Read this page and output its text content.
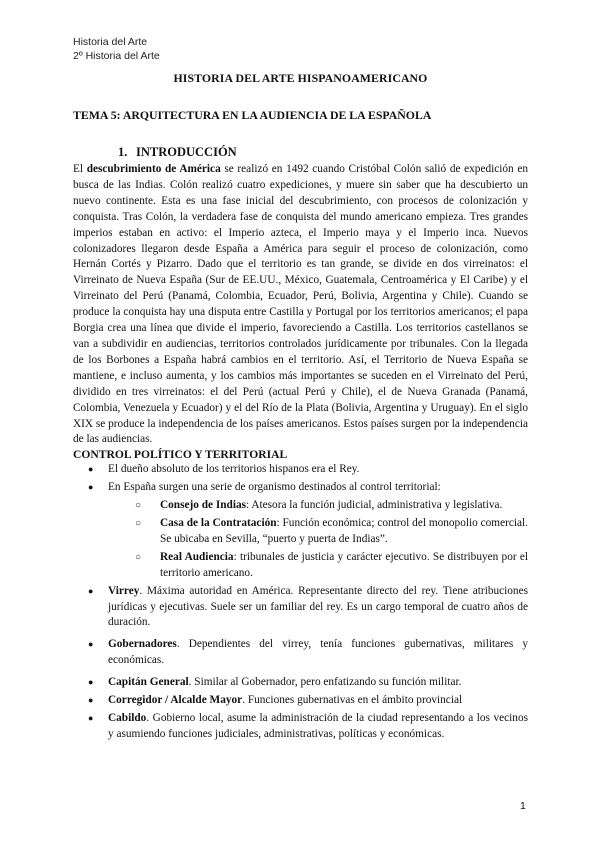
Historia del Arte
2º Historia del Arte
HISTORIA DEL ARTE HISPANOAMERICANO
TEMA 5: ARQUITECTURA EN LA AUDIENCIA DE LA ESPAÑOLA
1. INTRODUCCIÓN

El descubrimiento de América se realizó en 1492 cuando Cristóbal Colón salió de expedición en busca de las Indias. Colón realizó cuatro expediciones, y muere sin saber que ha descubierto un nuevo continente. Esta es una fase inicial del descubrimiento, con procesos de colonización y conquista. Tras Colón, la verdadera fase de conquista del mundo americano empieza. Tres grandes imperios estaban en activo: el Imperio azteca, el Imperio maya y el Imperio inca. Nuevos colonizadores llegaron desde España a América para seguir el proceso de colonización, como Hernán Cortés y Pizarro. Dado que el territorio es tan grande, se divide en dos virreinatos: el Virreinato de Nueva España (Sur de EE.UU., México, Guatemala, Centroamérica y El Caribe) y el Virreinato del Perú (Panamá, Colombia, Ecuador, Perú, Bolivia, Argentina y Chile). Cuando se produce la conquista hay una disputa entre Castilla y Portugal por los territorios americanos; el papa Borgia crea una línea que divide el imperio, favoreciendo a Castilla. Los territorios castellanos se van a subdividir en audiencias, territorios controlados jurídicamente por tribunales. Con la llegada de los Borbones a España habrá cambios en el territorio. Así, el Territorio de Nueva España se mantiene, e incluso aumenta, y los cambios más importantes se suceden en el Virreinato del Perú, dividido en tres virreinatos: el del Perú (actual Perú y Chile), el de Nueva Granada (Panamá, Colombia, Venezuela y Ecuador) y el del Río de la Plata (Bolivia, Argentina y Uruguay). En el siglo XIX se produce la independencia de los países americanos. Estos países surgen por la independencia de las audiencias.

CONTROL POLÍTICO Y TERRITORIAL
● El dueño absoluto de los territorios hispanos era el Rey.
● En España surgen una serie de organismo destinados al control territorial:
○ Consejo de Indias: Atesora la función judicial, administrativa y legislativa.
○ Casa de la Contratación: Función económica; control del monopolio comercial. Se ubicaba en Sevilla, “puerto y puerta de Indias”.
○ Real Audiencia: tribunales de justicia y carácter ejecutivo. Se distribuyen por el territorio americano.
● Virrey. Máxima autoridad en América. Representante directo del rey. Tiene atribuciones jurídicas y ejecutivas. Suele ser un familiar del rey. Es un cargo temporal de cuatro años de duración.
● Gobernadores. Dependientes del virrey, tenía funciones gubernativas, militares y económicas.
● Capitán General. Similar al Gobernador, pero enfatizando su función militar.
● Corregidor / Alcalde Mayor. Funciones gubernativas en el ámbito provincial
● Cabildo. Gobierno local, asume la administración de la ciudad representando a los vecinos y asumiendo funciones judiciales, administrativas, políticas y económicas.
1
